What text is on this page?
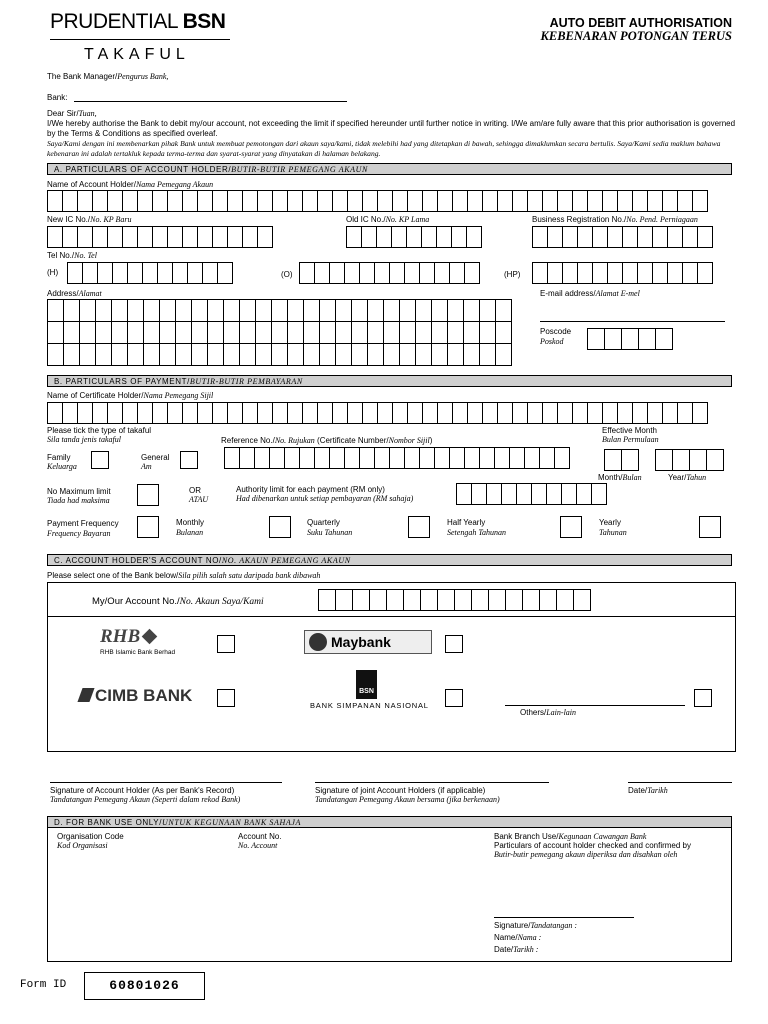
PRUDENTIAL BSN
TAKAFUL
AUTO DEBIT AUTHORISATION
KEBENARAN POTONGAN TERUS
The Bank Manager/Pengurus Bank,
Bank:
Dear Sir/Tuan,
I/We hereby authorise the Bank to debit my/our account, not exceeding the limit if specified hereunder until further notice in writing. I/We am/are fully aware that this prior authorisation is governed by the Terms & Conditions as specified overleaf.
Saya/Kami dengan ini membenarkan pihak Bank untuk membuat pemotongan dari akaun saya/kami, tidak melebihi had yang ditetapkan di bawah, sehingga dimaklumkan secara bertulis. Saya/Kami sedia maklum bahawa kebenaran ini adalah tertakluk kepada terma-terma dan syarat-syarat yang dinyatakan di halaman belakang.
A. PARTICULARS OF ACCOUNT HOLDER/BUTIR-BUTIR PEMEGANG AKAUN
Name of Account Holder/Nama Pemegang Akaun
New IC No./No. KP Baru	Old IC No./No. KP Lama	Business Registration No./No. Pend. Perniagaan
Tel No./No. Tel
(H)	(O)	(HP)
Address/Alamat	E-mail address/Alamat E-mel
Poscode
Poskod
B. PARTICULARS OF PAYMENT/BUTIR-BUTIR PEMBAYARAN
Name of Certificate Holder/Nama Pemegang Sijil
Please tick the type of takaful
Sila tanda jenis takaful
Effective Month
Bulan Permulaan
Reference No./No. Rujukan (Certificate Number/Nombor Sijil)
Family
Keluarga
General
Am
Month/Bulan	Year/Tahun
No Maximum limit
Tiada had maksima
OR
ATAU
Authority limit for each payment (RM only)
Had dibenarkan untuk setiap pembayaran (RM sahaja)
Payment Frequency
Frequency Bayaran
Monthly
Bulanan
Quarterly
Suku Tahunan
Half Yearly
Setengah Tahunan
Yearly
Tahunan
C. ACCOUNT HOLDER'S ACCOUNT NO/NO. AKAUN PEMEGANG AKAUN
Please select one of the Bank below/Sila pilih salah satu daripada bank dibawah
My/Our Account No./No. Akaun Saya/Kami
RHB
RHB Islamic Bank Berhad
Maybank
CIMB BANK	BSN
BANK SIMPANAN NASIONAL
Others/Lain-lain
Signature of Account Holder (As per Bank's Record)
Tandatangan Pemegang Akaun (Seperti dalam rekod Bank)
Signature of joint Account Holders (if applicable)
Tandatangan Pemegang Akaun bersama (jika berkenaan)
Date/Tarikh
D. FOR BANK USE ONLY/UNTUK KEGUNAAN BANK SAHAJA
Organisation Code
Kod Organisasi
Account No.
No. Account
Bank Branch Use/Kegunaan Cawangan Bank
Particulars of account holder checked and confirmed by
Butir-butir pemegang akaun diperiksa dan disahkan oleh
Signature/Tandatangan :
Name/Nama :
Date/Tarikh :
Form ID	60801026
